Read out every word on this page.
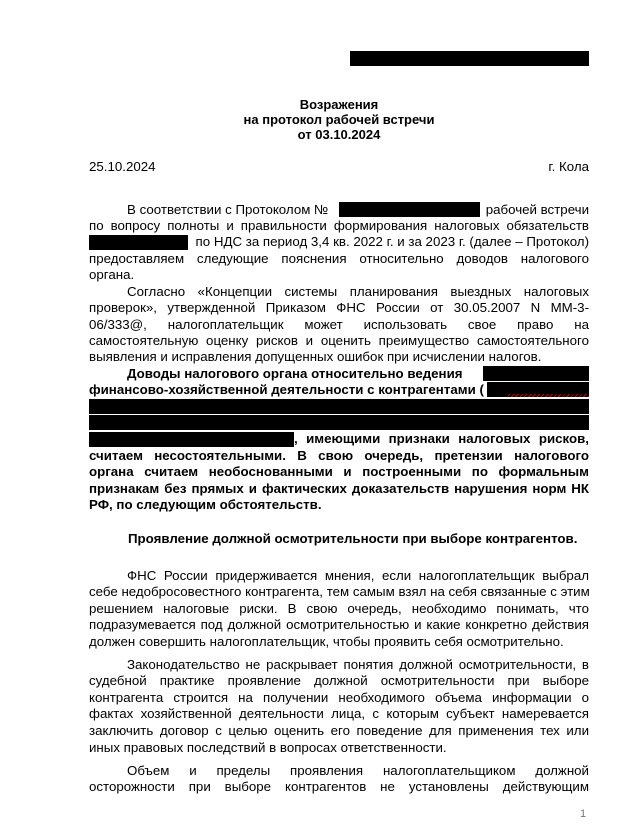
Возражения
на протокол рабочей встречи
от 03.10.2024
25.10.2024	г. Кола
В соответствии с Протоколом №	рабочей встречи
по вопросу полноты и правильности формирования налоговых обязательств
по НДС за период 3,4 кв. 2022 г. и за 2023 г. (далее – Протокол)
предоставляем следующие пояснения относительно доводов налогового
органа.
Согласно «Концепции системы планирования выездных налоговых
проверок», утвержденной Приказом ФНС России от 30.05.2007 N ММ-3-
06/333@, налогоплательщик может использовать свое право на
самостоятельную оценку рисков и оценить преимущество самостоятельного
выявления и исправления допущенных ошибок при исчислении налогов.
Доводы налогового органа относительно ведения
финансово-хозяйственной деятельности с контрагентами (
, имеющими признаки налоговых рисков,
считаем несостоятельными. В свою очередь, претензии налогового
органа считаем необоснованными и построенными по формальным
признакам без прямых и фактических доказательств нарушения норм НК
РФ, по следующим обстоятельств.
Проявление должной осмотрительности при выборе контрагентов.
ФНС России придерживается мнения, если налогоплательщик выбрал
себе недобросовестного контрагента, тем самым взял на себя связанные с этим
решением налоговые риски. В свою очередь, необходимо понимать, что
подразумевается под должной осмотрительностью и какие конкретно действия
должен совершить налогоплательщик, чтобы проявить себя осмотрительно.
Законодательство не раскрывает понятия должной осмотрительности, в
судебной практике проявление должной осмотрительности при выборе
контрагента строится на получении необходимого объема информации о
фактах хозяйственной деятельности лица, с которым субъект намеревается
заключить договор с целью оценить его поведение для применения тех или
иных правовых последствий в вопросах ответственности.
Объем и пределы проявления налогоплательщиком должной
осторожности при выборе контрагентов не установлены действующим
1
